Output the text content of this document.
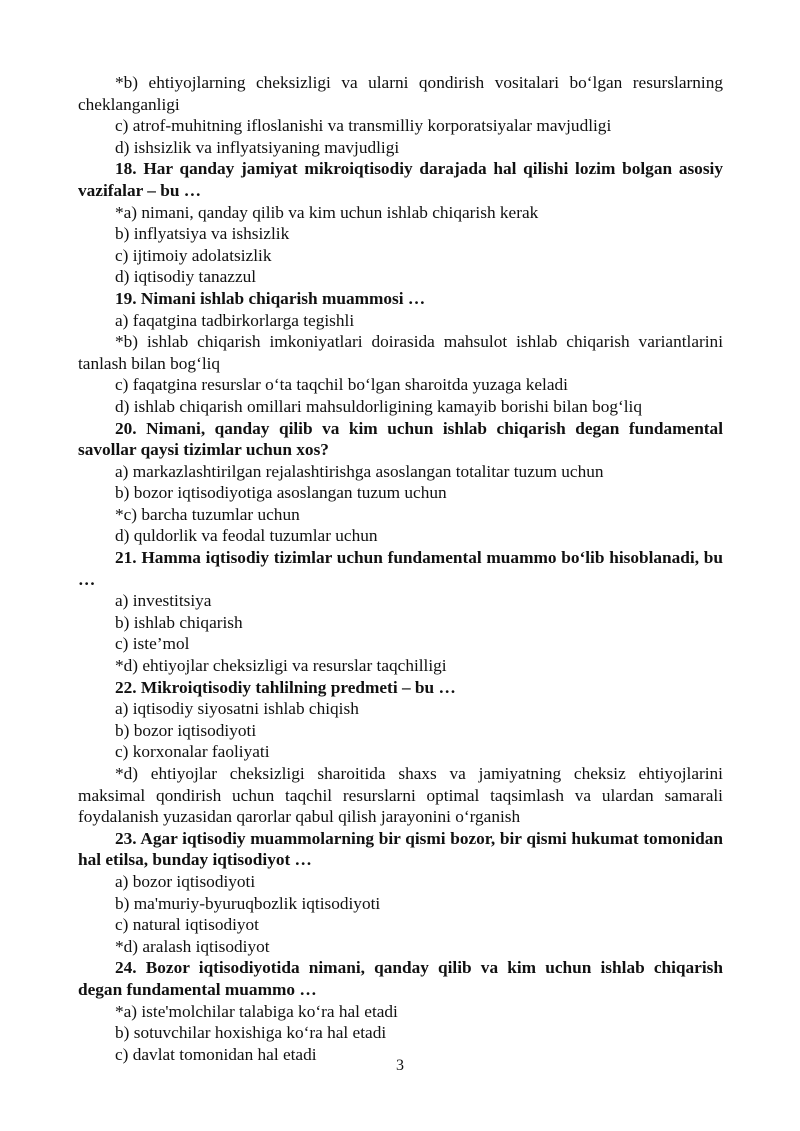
*b) ehtiyojlarning cheksizligi va ularni qondirish vositalari bo‘lgan resurslarning cheklanganligi

c) atrof-muhitning ifloslanishi va transmilliy korporatsiyalar mavjudligi

d) ishsizlik va inflyatsiyaning mavjudligi

18. Har qanday jamiyat mikroiqtisodiy darajada hal qilishi lozim bolgan asosiy vazifalar – bu …

*a) nimani, qanday qilib va kim uchun ishlab chiqarish kerak

b) inflyatsiya va ishsizlik

c) ijtimoiy adolatsizlik

d) iqtisodiy tanazzul

19. Nimani ishlab chiqarish muammosi …

a) faqatgina tadbirkorlarga tegishli

*b) ishlab chiqarish imkoniyatlari doirasida mahsulot ishlab chiqarish variantlarini tanlash bilan bog‘liq

c) faqatgina resurslar o‘ta taqchil bo‘lgan sharoitda yuzaga keladi

d) ishlab chiqarish omillari mahsuldorligining kamayib borishi bilan bog‘liq

20. Nimani, qanday qilib va kim uchun ishlab chiqarish degan fundamental savollar qaysi tizimlar uchun xos?

a) markazlashtirilgan rejalashtirishga asoslangan totalitar tuzum uchun

b) bozor iqtisodiyotiga asoslangan tuzum uchun

*c) barcha tuzumlar uchun

d) quldorlik va feodal tuzumlar uchun

21. Hamma iqtisodiy tizimlar uchun fundamental muammo bo‘lib hisoblanadi, bu …

a) investitsiya

b) ishlab chiqarish

c) iste’mol

*d) ehtiyojlar cheksizligi va resurslar taqchilligi

22. Mikroiqtisodiy tahlilning predmeti – bu …

a) iqtisodiy siyosatni ishlab chiqish

b) bozor iqtisodiyoti

c) korxonalar faoliyati

*d) ehtiyojlar cheksizligi sharoitida shaxs va jamiyatning cheksiz ehtiyojlarini maksimal qondirish uchun taqchil resurslarni optimal taqsimlash va ulardan samarali foydalanish yuzasidan qarorlar qabul qilish jarayonini o‘rganish

23. Agar iqtisodiy muammolarning bir qismi bozor, bir qismi hukumat tomonidan hal etilsa, bunday iqtisodiyot …

a) bozor iqtisodiyoti

b) ma'muriy-byuruqbozlik iqtisodiyoti

c) natural iqtisodiyot

*d) aralash iqtisodiyot

24. Bozor iqtisodiyotida nimani, qanday qilib va kim uchun ishlab chiqarish degan fundamental muammo …

*a) iste'molchilar talabiga ko‘ra hal etadi

b) sotuvchilar hoxishiga ko‘ra hal etadi

c) davlat tomonidan hal etadi

3
